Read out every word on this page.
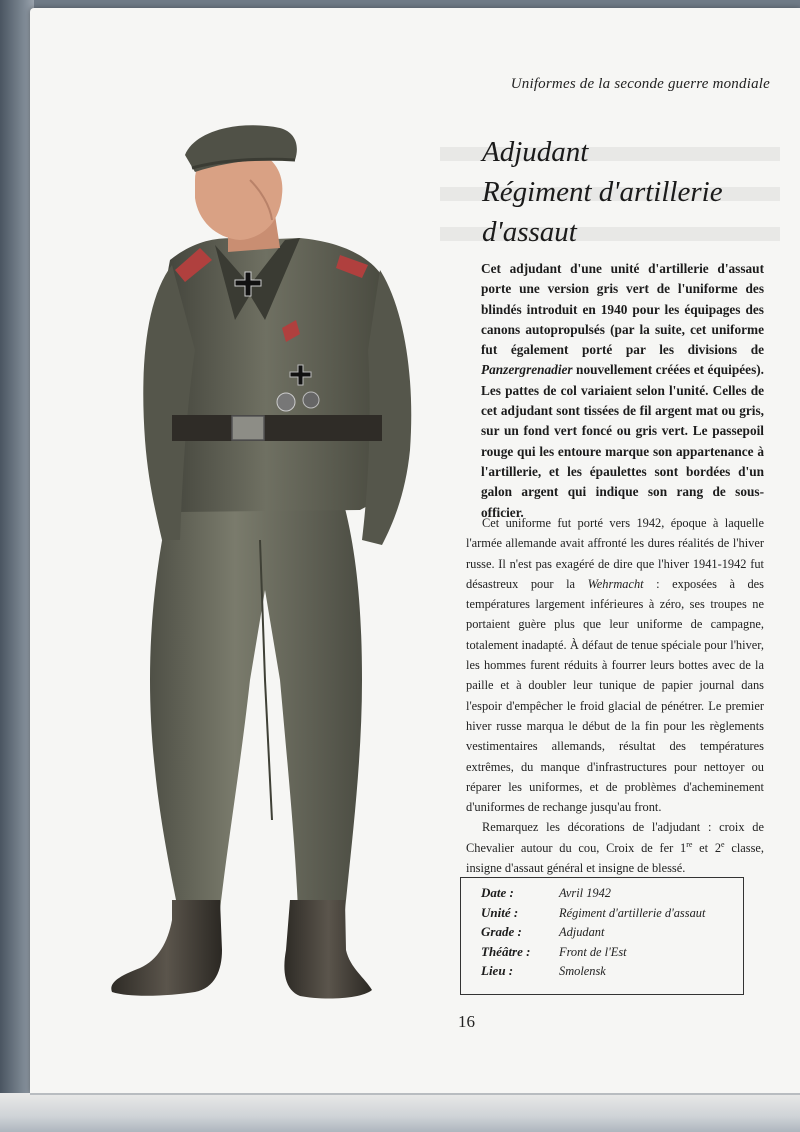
Uniformes de la seconde guerre mondiale
Adjudant
Régiment d'artillerie
d'assaut
Cet adjudant d'une unité d'artillerie d'assaut porte une version gris vert de l'uniforme des blindés introduit en 1940 pour les équipages des canons autopropulsés (par la suite, cet uniforme fut également porté par les divisions de Panzergrenadier nouvellement créées et équipées). Les pattes de col variaient selon l'unité. Celles de cet adjudant sont tissées de fil argent mat ou gris, sur un fond vert foncé ou gris vert. Le passepoil rouge qui les entoure marque son appartenance à l'artillerie, et les épaulettes sont bordées d'un galon argent qui indique son rang de sous-officier.

Cet uniforme fut porté vers 1942, époque à laquelle l'armée allemande avait affronté les dures réalités de l'hiver russe. Il n'est pas exagéré de dire que l'hiver 1941-1942 fut désastreux pour la Wehrmacht : exposées à des températures largement inférieures à zéro, ses troupes ne portaient guère plus que leur uniforme de campagne, totalement inadapté. À défaut de tenue spéciale pour l'hiver, les hommes furent réduits à fourrer leurs bottes avec de la paille et à doubler leur tunique de papier journal dans l'espoir d'empêcher le froid glacial de pénétrer. Le premier hiver russe marqua le début de la fin pour les règlements vestimentaires allemands, résultat des températures extrêmes, du manque d'infrastructures pour nettoyer ou réparer les uniformes, et de problèmes d'acheminement d'uniformes de rechange jusqu'au front.

Remarquez les décorations de l'adjudant : croix de Chevalier autour du cou, Croix de fer 1re et 2e classe, insigne d'assaut général et insigne de blessé.

Date :	Avril 1942
Unité :	Régiment d'artillerie d'assaut
Grade :	Adjudant
Théâtre :	Front de l'Est
Lieu :	Smolensk
16
